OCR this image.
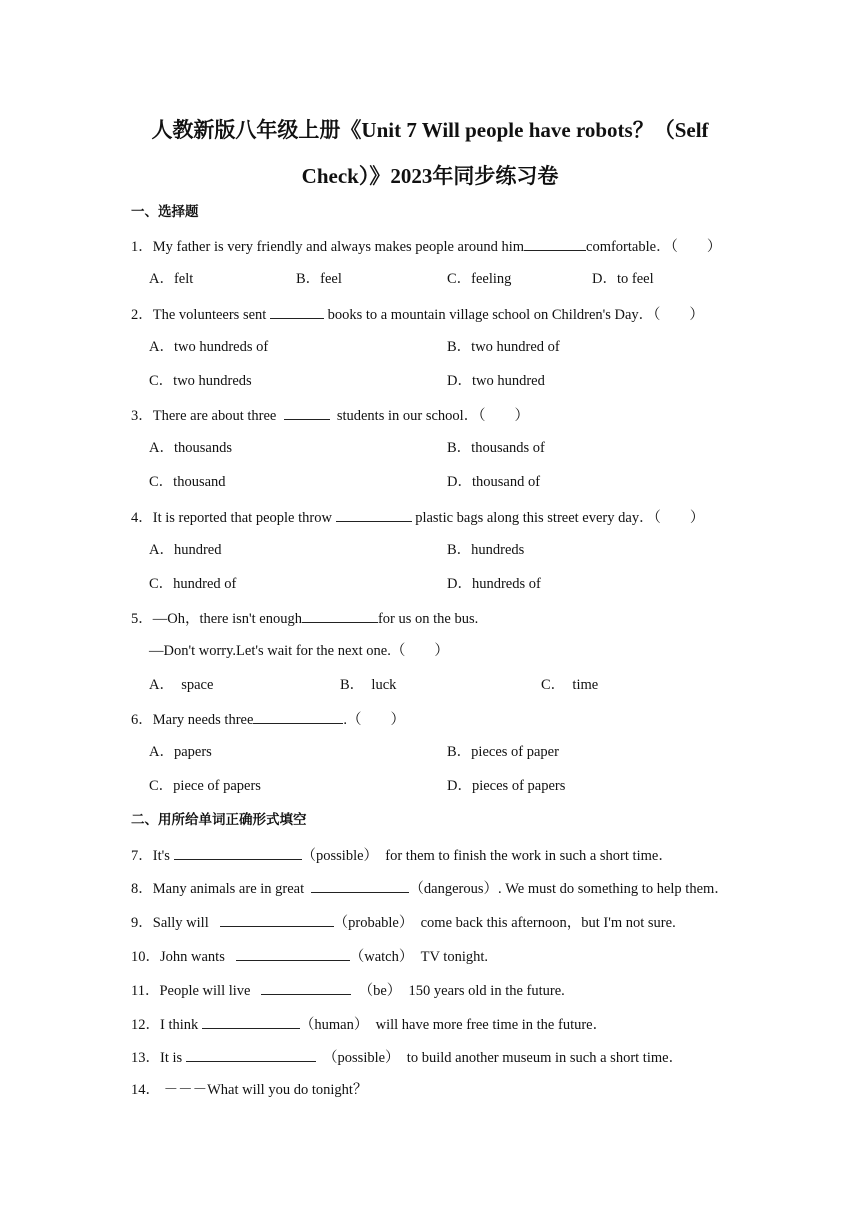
人教新版八年级上册《Unit 7 Will people have robots？（Self
Check）》2023年同步练习卷
一、选择题
1．My father is very friendly and always makes people around him	comfortable．（　　）
A．felt	B．feel	C．feeling	D．to feel
2．The volunteers sent	books to a mountain village school on Children's Day．（　　）
A．two hundreds of	B．two hundred of
C．two hundreds	D．two hundred
3．There are about three	students in our school．（　　）
A．thousands	B．thousands of
C．thousand	D．thousand of
4．It is reported that people throw	plastic bags along this street every day．（　　）
A．hundred	B．hundreds
C．hundred of	D．hundreds of
5．—Oh，there isn't enough	for us on the bus.
—Don't worry.Let's wait for the next one.（　　）
A．  space	B．  luck	C．  time
6．Mary needs three	.（　　）
A．papers	B．pieces of paper
C．piece of papers	D．pieces of papers
二、用所给单词正确形式填空
7．It's	（possible）  for them to finish the work in such a short time．
8．Many animals are in great	（dangerous）. We must do something to help them．
9．Sally will	（probable）  come back this afternoon，but I'm not sure.
10．John wants	（watch）  TV tonight.
11．People will live	（be）  150 years old in the future.
12．I think	（human）  will have more free time in the future．
13．It is	（possible）  to build another museum in such a short time．
14． －－－What will you do tonight？
